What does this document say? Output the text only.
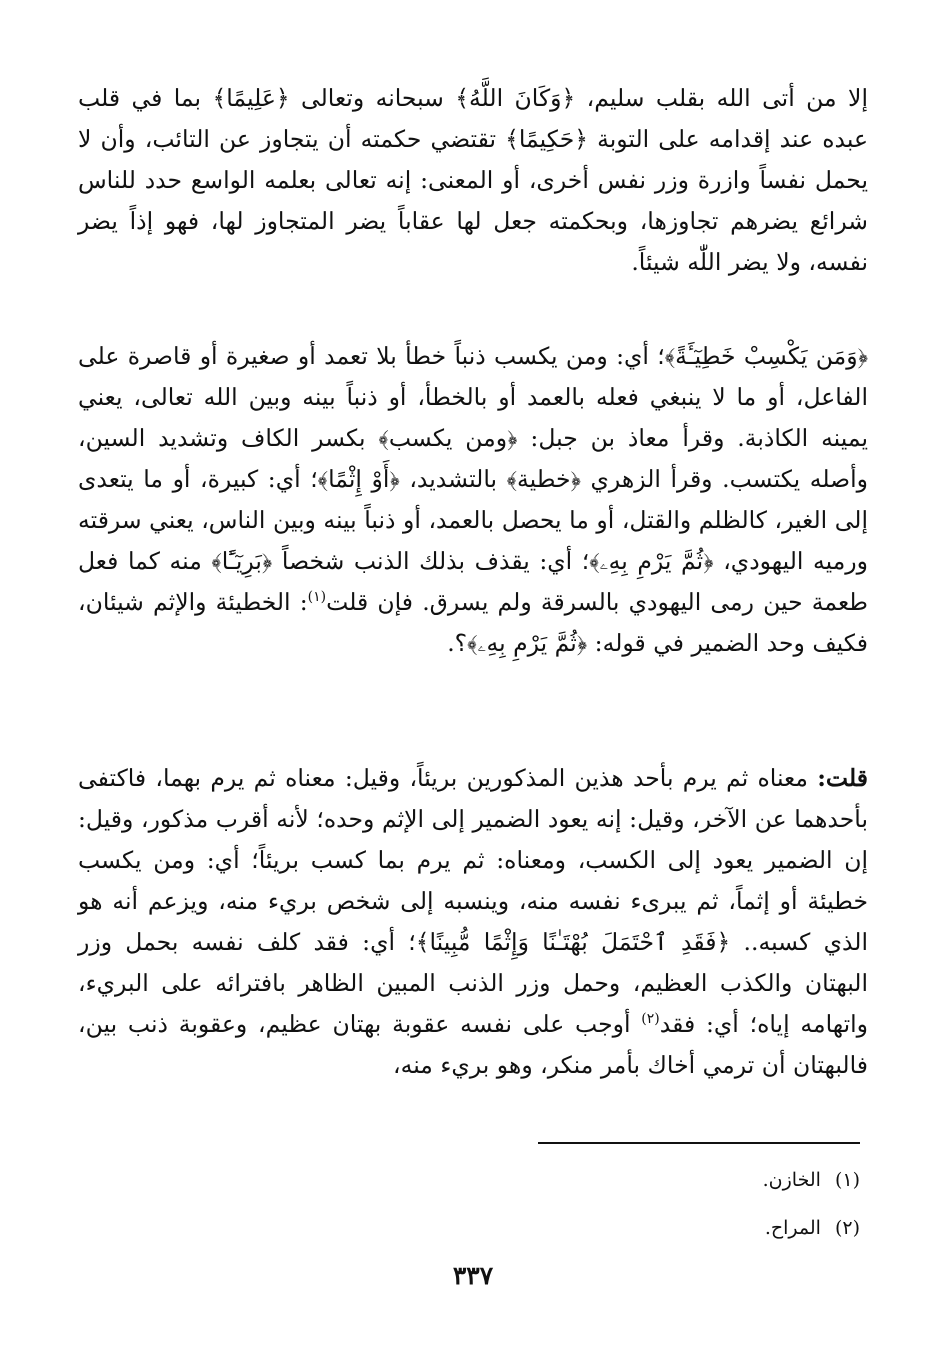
إلا من أتى الله بقلب سليم، ﴿وَكَانَ اللَّهُ﴾ سبحانه وتعالى ﴿عَلِيمًا﴾ بما في قلب عبده عند إقدامه على التوبة ﴿حَكِيمًا﴾ تقتضي حكمته أن يتجاوز عن التائب، وأن لا يحمل نفساً وازرة وزر نفس أخرى، أو المعنى: إنه تعالى بعلمه الواسع حدد للناس شرائع يضرهم تجاوزها، وبحكمته جعل لها عقاباً يضر المتجاوز لها، فهو إذاً يضر نفسه، ولا يضر اللّٰه شيئاً.

﴿وَمَن يَكْسِبْ خَطِيٓـَٔةً﴾؛ أي: ومن يكسب ذنباً خطأ بلا تعمد أو صغيرة أو قاصرة على الفاعل، أو ما لا ينبغي فعله بالعمد أو بالخطأ، أو ذنباً بينه وبين الله تعالى، يعني يمينه الكاذبة. وقرأ معاذ بن جبل: ﴿ومن يكسب﴾ بكسر الكاف وتشديد السين، وأصله يكتسب. وقرأ الزهري ﴿خطية﴾ بالتشديد، ﴿أَوْ إِثْمًا﴾؛ أي: كبيرة، أو ما يتعدى إلى الغير، كالظلم والقتل، أو ما يحصل بالعمد، أو ذنباً بينه وبين الناس، يعني سرقته ورميه اليهودي، ﴿ثُمَّ يَرْمِ بِهِۦ﴾؛ أي: يقذف بذلك الذنب شخصاً ﴿بَرِيٓـًٔا﴾ منه كما فعل طعمة حين رمى اليهودي بالسرقة ولم يسرق. فإن قلت$^{(١)}$: الخطيئة والإثم شيئان، فكيف وحد الضمير في قوله: ﴿ثُمَّ يَرْمِ بِهِۦ﴾؟.

قلت: معناه ثم يرم بأحد هذين المذكورين بريئاً، وقيل: معناه ثم يرم بهما، فاكتفى بأحدهما عن الآخر، وقيل: إنه يعود الضمير إلى الإثم وحده؛ لأنه أقرب مذكور، وقيل: إن الضمير يعود إلى الكسب، ومعناه: ثم يرم بما كسب بريئاً؛ أي: ومن يكسب خطيئة أو إثماً، ثم يبرىء نفسه منه، وينسبه إلى شخص بريء منه، ويزعم أنه هو الذي كسبه.. ﴿فَقَدِ ٱحْتَمَلَ بُهْتَـٰنًا وَإِثْمًا مُّبِينًا﴾؛ أي: فقد كلف نفسه بحمل وزر البهتان والكذب العظيم، وحمل وزر الذنب المبين الظاهر بافترائه على البريء، واتهامه إياه؛ أي: فقد$^{(٢)}$ أوجب على نفسه عقوبة بهتان عظيم، وعقوبة ذنب بين، فالبهتان أن ترمي أخاك بأمر منكر، وهو بريء منه،

(١)الخازن.
(٢)المراح.
٣٣٧
